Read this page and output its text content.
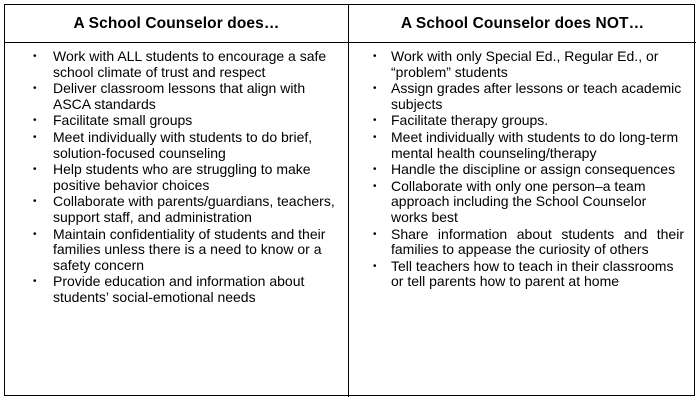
A School Counselor does…	A School Counselor does NOT…
• Work with ALL students to encourage a safe school climate of trust and respect
• Deliver classroom lessons that align with ASCA standards
• Facilitate small groups
• Meet individually with students to do brief, solution-focused counseling
• Help students who are struggling to make positive behavior choices
• Collaborate with parents/guardians, teachers, support staff, and administration
• Maintain confidentiality of students and their families unless there is a need to know or a safety concern
• Provide education and information about students’ social-emotional needs
• Work with only Special Ed., Regular Ed., or “problem” students
• Assign grades after lessons or teach academic subjects
• Facilitate therapy groups.
• Meet individually with students to do long-term mental health counseling/therapy
• Handle the discipline or assign consequences
• Collaborate with only one person–a team approach including the School Counselor works best
• Share information about students and their families to appease the curiosity of others
• Tell teachers how to teach in their classrooms or tell parents how to parent at home
